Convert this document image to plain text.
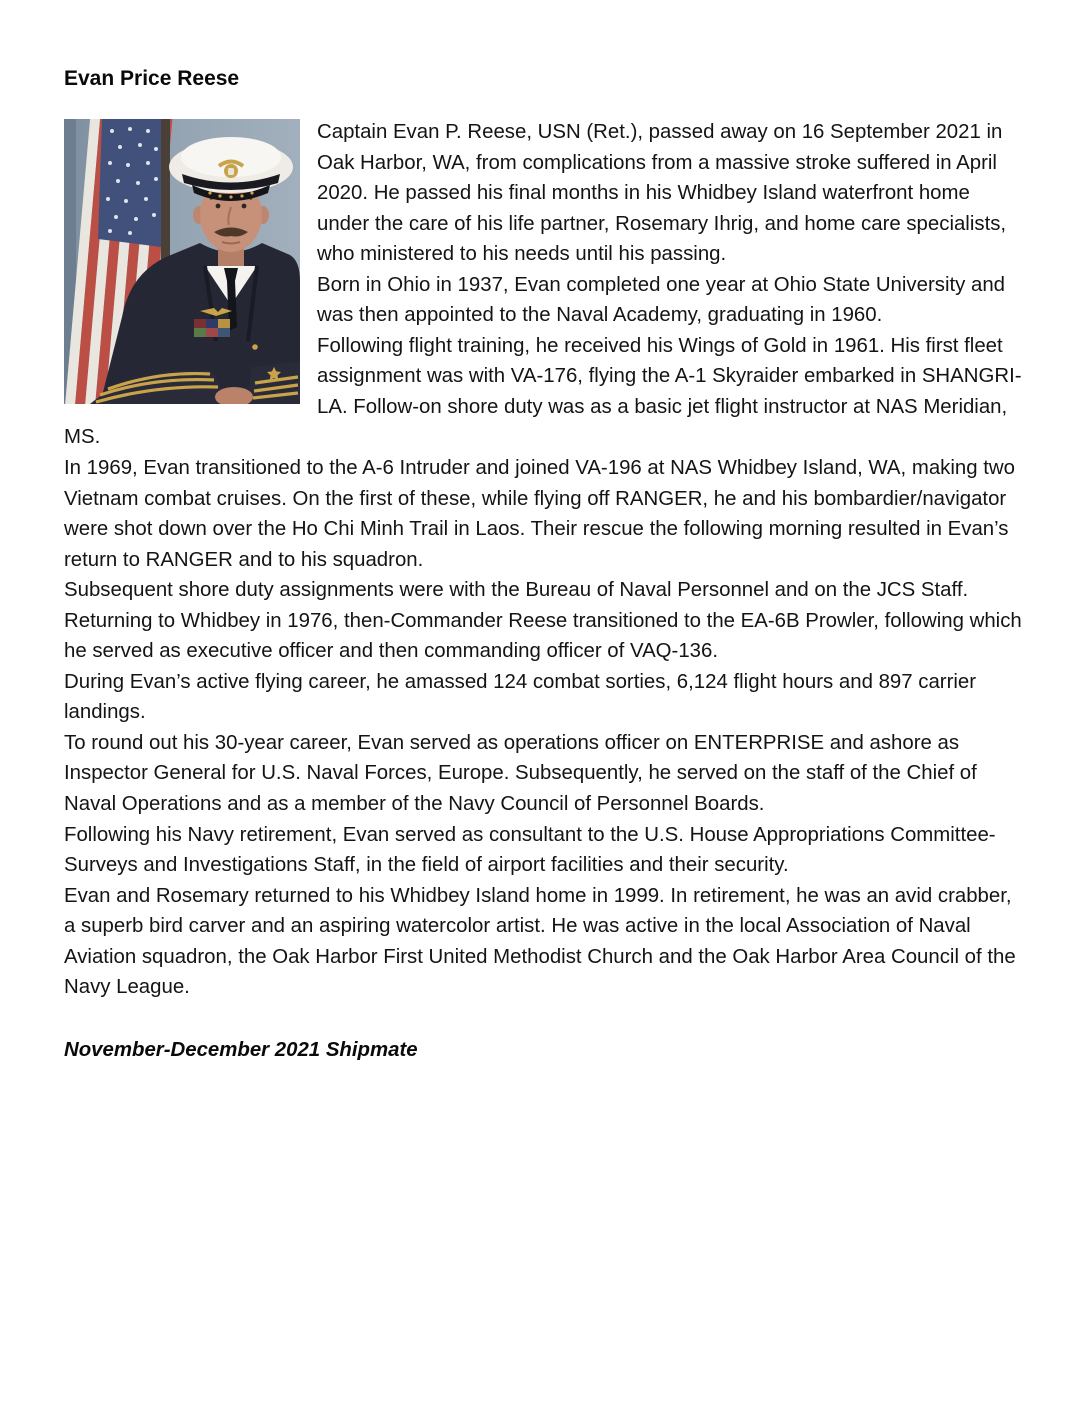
Evan Price Reese

Captain Evan P. Reese, USN (Ret.), passed away on 16 September 2021 in Oak Harbor, WA, from complications from a massive stroke suffered in April 2020. He passed his final months in his Whidbey Island waterfront home under the care of his life partner, Rosemary Ihrig, and home care specialists, who ministered to his needs until his passing.

Born in Ohio in 1937, Evan completed one year at Ohio State University and was then appointed to the Naval Academy, graduating in 1960.

Following flight training, he received his Wings of Gold in 1961. His first fleet assignment was with VA-176, flying the A-1 Skyraider embarked in SHANGRI-LA. Follow-on shore duty was as a basic jet flight instructor at NAS Meridian, MS.

In 1969, Evan transitioned to the A-6 Intruder and joined VA-196 at NAS Whidbey Island, WA, making two Vietnam combat cruises. On the first of these, while flying off RANGER, he and his bombardier/navigator were shot down over the Ho Chi Minh Trail in Laos. Their rescue the following morning resulted in Evan’s return to RANGER and to his squadron.

Subsequent shore duty assignments were with the Bureau of Naval Personnel and on the JCS Staff.

Returning to Whidbey in 1976, then-Commander Reese transitioned to the EA-6B Prowler, following which he served as executive officer and then commanding officer of VAQ-136.

During Evan’s active flying career, he amassed 124 combat sorties, 6,124 flight hours and 897 carrier landings.

To round out his 30-year career, Evan served as operations officer on ENTERPRISE and ashore as Inspector General for U.S. Naval Forces, Europe. Subsequently, he served on the staff of the Chief of Naval Operations and as a member of the Navy Council of Personnel Boards.

Following his Navy retirement, Evan served as consultant to the U.S. House Appropriations Committee-Surveys and Investigations Staff, in the field of airport facilities and their security.

Evan and Rosemary returned to his Whidbey Island home in 1999. In retirement, he was an avid crabber, a superb bird carver and an aspiring watercolor artist. He was active in the local Association of Naval Aviation squadron, the Oak Harbor First United Methodist Church and the Oak Harbor Area Council of the Navy League.

November-December 2021 Shipmate
